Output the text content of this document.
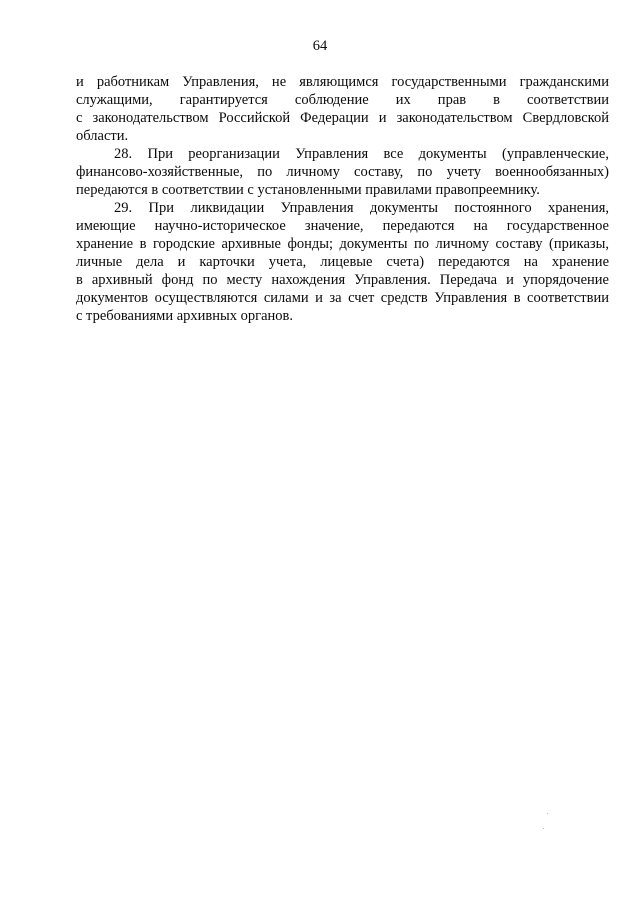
64
и работникам Управления, не являющимся государственными гражданскими
служащими, гарантируется соблюдение их прав в соответствии
с законодательством Российской Федерации и законодательством Свердловской
области.
28. При реорганизации Управления все документы (управленческие,
финансово-хозяйственные, по личному составу, по учету военнообязанных)
передаются в соответствии с установленными правилами правопреемнику.
29. При ликвидации Управления документы постоянного хранения,
имеющие научно-историческое значение, передаются на государственное
хранение в городские архивные фонды; документы по личному составу (приказы,
личные дела и карточки учета, лицевые счета) передаются на хранение
в архивный фонд по месту нахождения Управления. Передача и упорядочение
документов осуществляются силами и за счет средств Управления в соответствии
с требованиями архивных органов.
